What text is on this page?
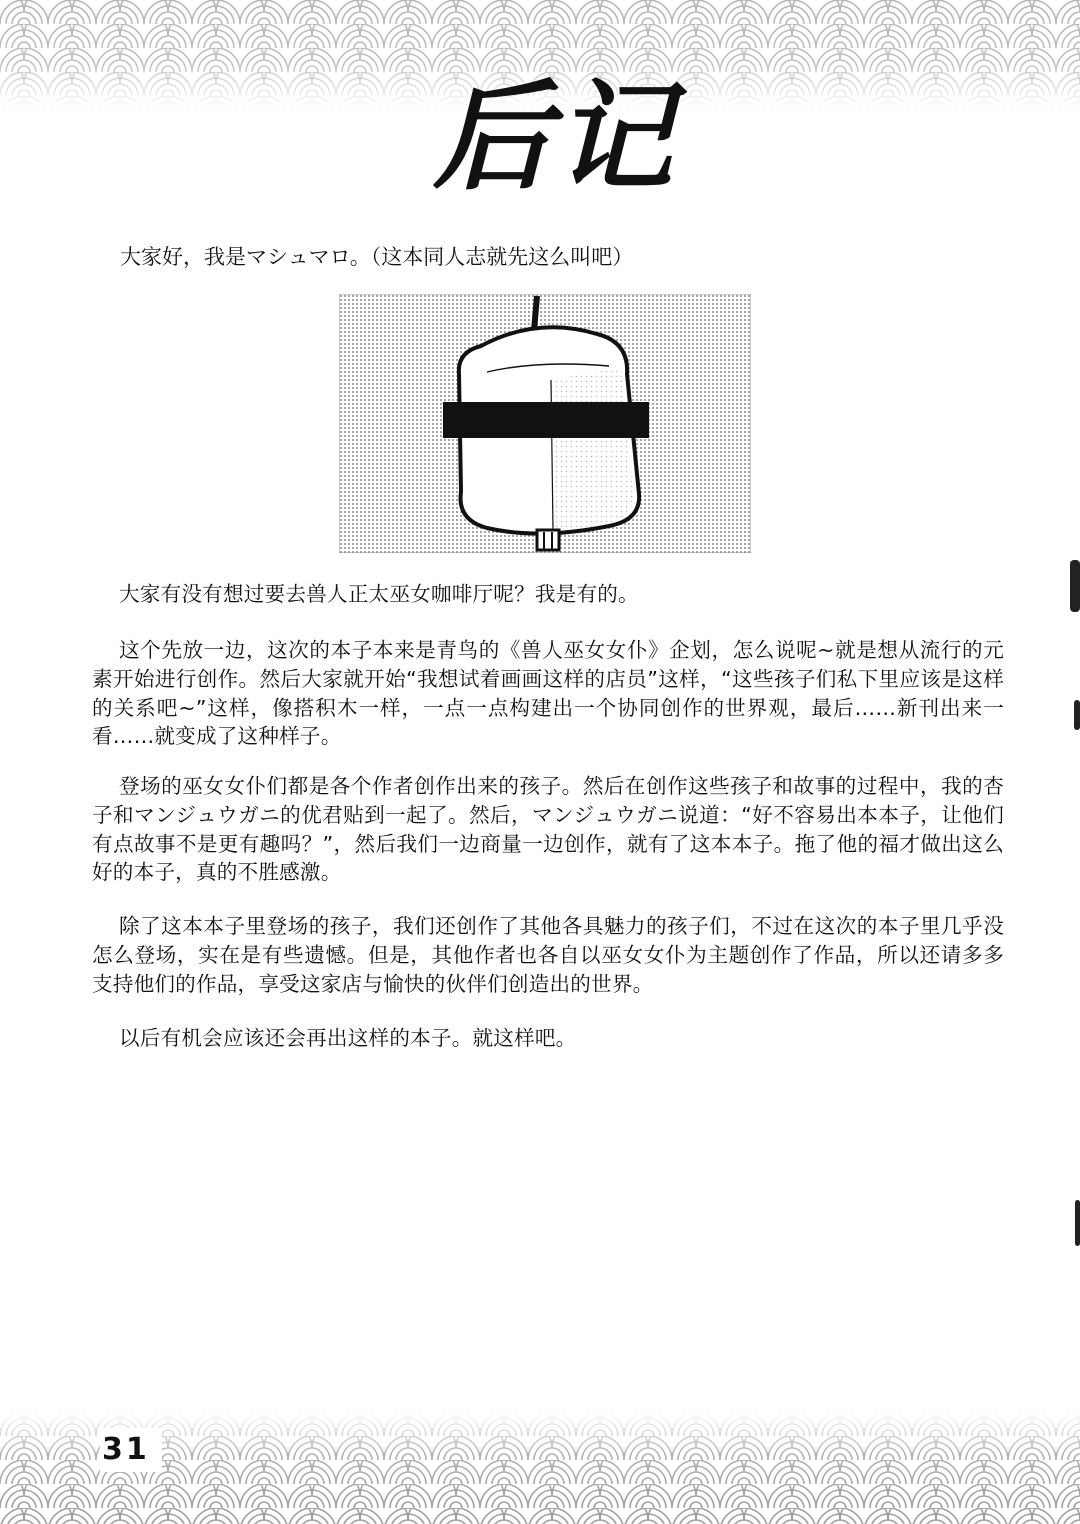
后记
大家好，我是マシュマロ。（这本同人志就先这么叫吧）
大家有没有想过要去兽人正太巫女咖啡厅呢？我是有的。
这个先放一边，这次的本子本来是青鸟的《兽人巫女女仆》企划，怎么说呢~就是想从流行的元素开始进行创作。然后大家就开始“我想试着画画这样的店员”这样，“这些孩子们私下里应该是这样的关系吧~”这样，像搭积木一样，一点一点构建出一个协同创作的世界观，最后……新刊出来一看……就变成了这种样子。
登场的巫女女仆们都是各个作者创作出来的孩子。然后在创作这些孩子和故事的过程中，我的杏子和マンジュウガニ的优君贴到一起了。然后，マンジュウガニ说道：“好不容易出本本子，让他们有点故事不是更有趣吗？”，然后我们一边商量一边创作，就有了这本本子。拖了他的福才做出这么好的本子，真的不胜感激。
除了这本本子里登场的孩子，我们还创作了其他各具魅力的孩子们，不过在这次的本子里几乎没怎么登场，实在是有些遗憾。但是，其他作者也各自以巫女女仆为主题创作了作品，所以还请多多支持他们的作品，享受这家店与愉快的伙伴们创造出的世界。
以后有机会应该还会再出这样的本子。就这样吧。
31
